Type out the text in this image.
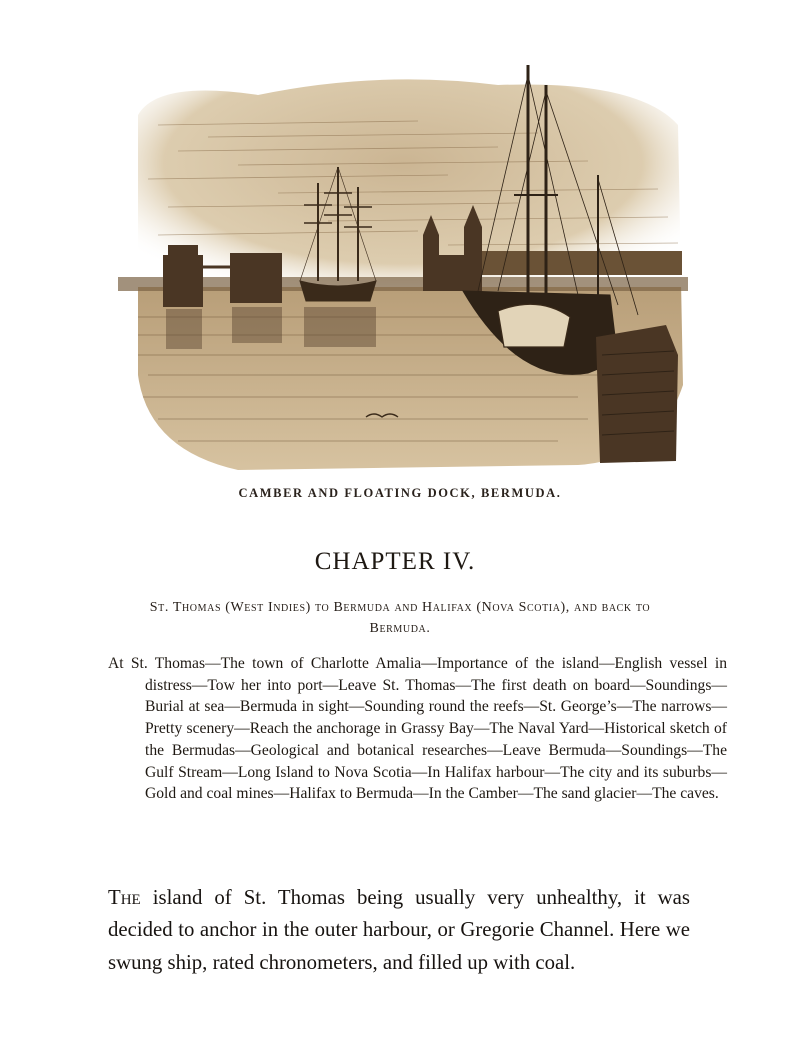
CAMBER AND FLOATING DOCK, BERMUDA.
CHAPTER IV.
St. Thomas (West Indies) to Bermuda and Halifax (Nova Scotia), and back to Bermuda.

At St. Thomas—The town of Charlotte Amalia—Importance of the island—English vessel in distress—Tow her into port—Leave St. Thomas—The first death on board—Soundings—Burial at sea—Bermuda in sight—Sounding round the reefs—St. George’s—The narrows—Pretty scenery—Reach the anchorage in Grassy Bay—The Naval Yard—Historical sketch of the Bermudas—Geological and botanical researches—Leave Bermuda—Soundings—The Gulf Stream—Long Island to Nova Scotia—In Halifax harbour—The city and its suburbs—Gold and coal mines—Halifax to Bermuda—In the Camber—The sand glacier—The caves.

The island of St. Thomas being usually very unhealthy, it was decided to anchor in the outer harbour, or Gregorie Channel. Here we swung ship, rated chronometers, and filled up with coal.
